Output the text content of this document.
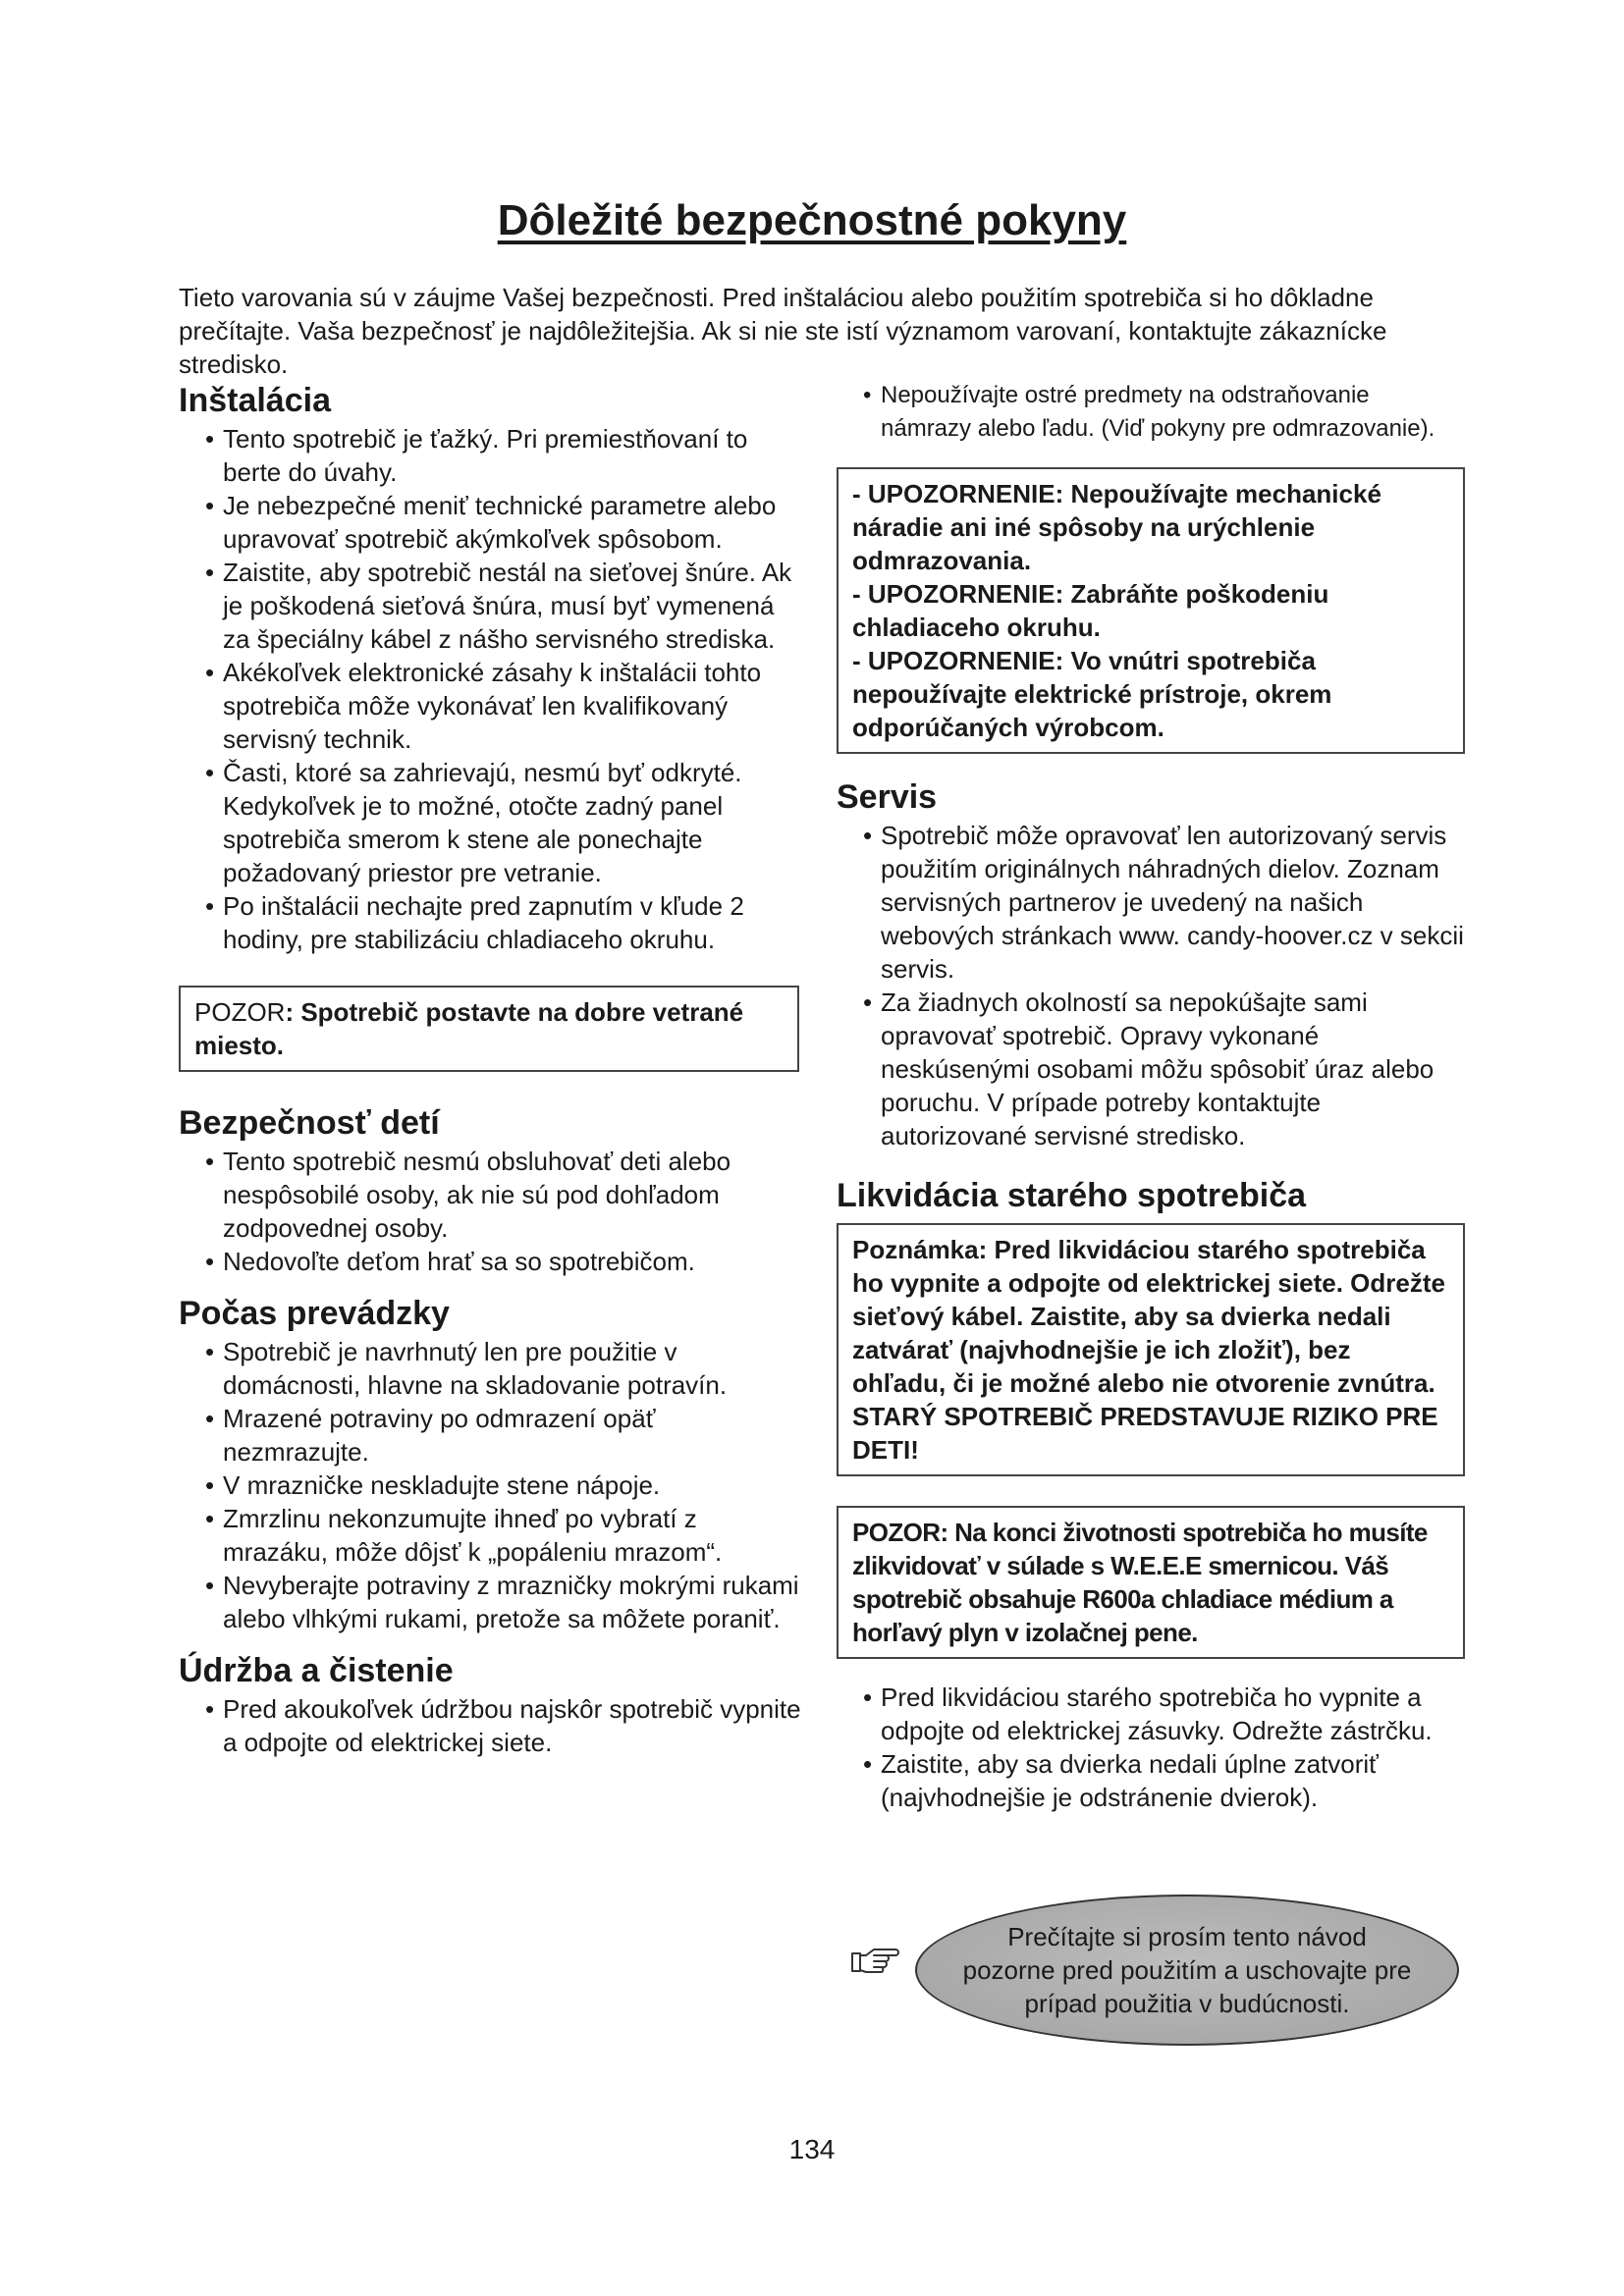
Dôležité bezpečnostné pokyny

Tieto varovania sú v záujme Vašej bezpečnosti. Pred inštaláciou alebo použitím spotrebiča si ho dôkladne prečítajte. Vaša bezpečnosť je najdôležitejšia. Ak si nie ste istí významom varovaní, kontaktujte zákaznícke stredisko.

Inštalácia
• Tento spotrebič je ťažký. Pri premiestňovaní to berte do úvahy.
• Je nebezpečné meniť technické parametre alebo upravovať spotrebič akýmkoľvek spôsobom.
• Zaistite, aby spotrebič nestál na sieťovej šnúre. Ak je poškodená sieťová šnúra, musí byť vymenená za špeciálny kábel z nášho servisného strediska.
• Akékoľvek elektronické zásahy k inštalácii tohto spotrebiča môže vykonávať len kvalifikovaný servisný technik.
• Časti, ktoré sa zahrievajú, nesmú byť odkryté. Kedykoľvek je to možné, otočte zadný panel spotrebiča smerom k stene ale ponechajte požadovaný priestor pre vetranie.
• Po inštalácii nechajte pred zapnutím v kľude 2 hodiny, pre stabilizáciu chladiaceho okruhu.
POZOR: Spotrebič postavte na dobre vetrané miesto.
Bezpečnosť detí
• Tento spotrebič nesmú obsluhovať deti alebo nespôsobilé osoby, ak nie sú pod dohľadom zodpovednej osoby.
• Nedovoľte deťom hrať sa so spotrebičom.
Počas prevádzky
• Spotrebič je navrhnutý len pre použitie v domácnosti, hlavne na skladovanie potravín.
• Mrazené potraviny po odmrazení opäť nezmrazujte.
• V mrazničke neskladujte stene nápoje.
• Zmrzlinu nekonzumujte ihneď po vybratí z mrazáku, môže dôjsť k „popáleniu mrazom“.
• Nevyberajte potraviny z mrazničky mokrými rukami alebo vlhkými rukami, pretože sa môžete poraniť.
Údržba a čistenie
• Pred akoukoľvek údržbou najskôr spotrebič vypnite a odpojte od elektrickej siete.
• Nepoužívajte ostré predmety na odstraňovanie námrazy alebo ľadu. (Viď pokyny pre odmrazovanie).
- UPOZORNENIE: Nepoužívajte mechanické náradie ani iné spôsoby na urýchlenie odmrazovania.
- UPOZORNENIE: Zabráňte poškodeniu chladiaceho okruhu.
- UPOZORNENIE: Vo vnútri spotrebiča nepoužívajte elektrické prístroje, okrem odporúčaných výrobcom.
Servis
• Spotrebič môže opravovať len autorizovaný servis použitím originálnych náhradných dielov. Zoznam servisných partnerov je uvedený na našich webových stránkach www. candy-hoover.cz v sekcii servis.
• Za žiadnych okolností sa nepokúšajte sami opravovať spotrebič. Opravy vykonané neskúsenými osobami môžu spôsobiť úraz alebo poruchu. V prípade potreby kontaktujte autorizované servisné stredisko.
Likvidácia starého spotrebiča
Poznámka: Pred likvidáciou starého spotrebiča ho vypnite a odpojte od elektrickej siete. Odrežte sieťový kábel. Zaistite, aby sa dvierka nedali zatvárať (najvhodnejšie je ich zložiť), bez ohľadu, či je možné alebo nie otvorenie zvnútra. STARÝ SPOTREBIČ PREDSTAVUJE RIZIKO PRE DETI!
POZOR: Na konci životnosti spotrebiča ho musíte zlikvidovať v súlade s W.E.E.E smernicou. Váš spotrebič obsahuje R600a chladiace médium a horľavý plyn v izolačnej pene.
• Pred likvidáciou starého spotrebiča ho vypnite a odpojte od elektrickej zásuvky. Odrežte zástrčku.
• Zaistite, aby sa dvierka nedali úplne zatvoriť (najvhodnejšie je odstránenie dvierok).
Prečítajte si prosím tento návod pozorne pred použitím a uschovajte pre prípad použitia v budúcnosti.
134
